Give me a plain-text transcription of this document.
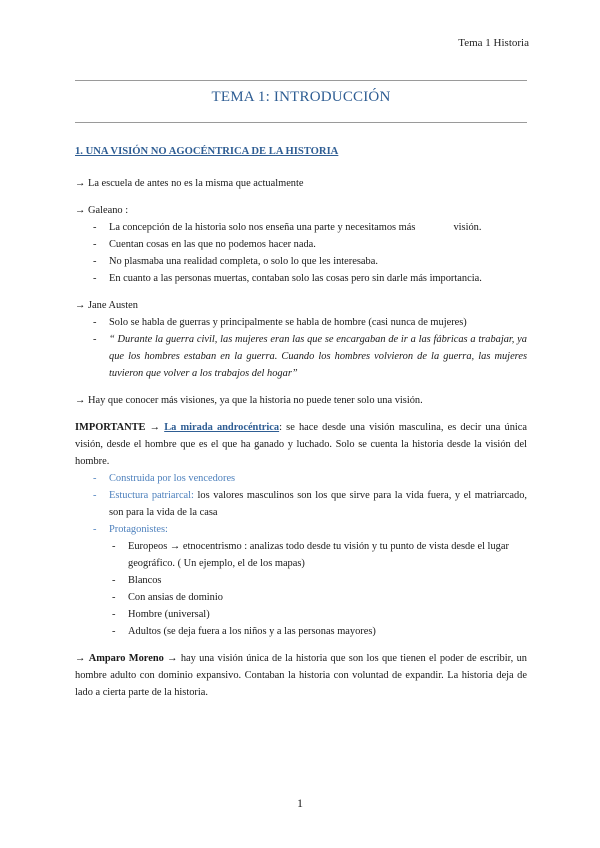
Tema 1 Historia
TEMA 1: INTRODUCCIÓN

1. UNA VISIÓN NO AGOCÉNTRICA DE LA HISTORIA

→ La escuela de antes no es la misma que actualmente

→ Galeano :

- La concepción de la historia solo nos enseña una parte y necesitamos más	visión.
- Cuentan cosas en las que no podemos hacer nada.
- No plasmaba una realidad completa, o solo lo que les interesaba.
- En cuanto a las personas muertas, contaban solo las cosas pero sin darle más importancia.

→ Jane Austen

- Solo se habla de guerras y principalmente se habla de hombre (casi nunca de mujeres)
- “ Durante la guerra civil, las mujeres eran las que se encargaban de ir a las fábricas a trabajar, ya que los hombres estaban en la guerra. Cuando los hombres volvieron de la guerra, las mujeres tuvieron que volver a los trabajos del hogar”

→ Hay que conocer más visiones, ya que la historia no puede tener solo una visión.

IMPORTANTE → La mirada androcéntrica: se hace desde una visión masculina, es decir una única visión, desde el hombre que es el que ha ganado y luchado. Solo se cuenta la historia desde la visión del hombre.

- Construida por los vencedores
- Estuctura patriarcal: los valores masculinos son los que sirve para la vida fuera, y el matriarcado, son para la vida de la casa
- Protagonistes:
- Europeos → etnocentrismo : analizas todo desde tu visión y tu punto de vista desde el lugar geográfico. ( Un ejemplo, el de los mapas)
- Blancos
- Con ansias de dominio
- Hombre (universal)
- Adultos (se deja fuera a los niños y a las personas mayores)

→ Amparo Moreno → hay una visión única de la historia que son los que tienen el poder de escribir, un hombre adulto con dominio expansivo. Contaban la historia con voluntad de expandir. La historia deja de lado a cierta parte de la historia.

1
